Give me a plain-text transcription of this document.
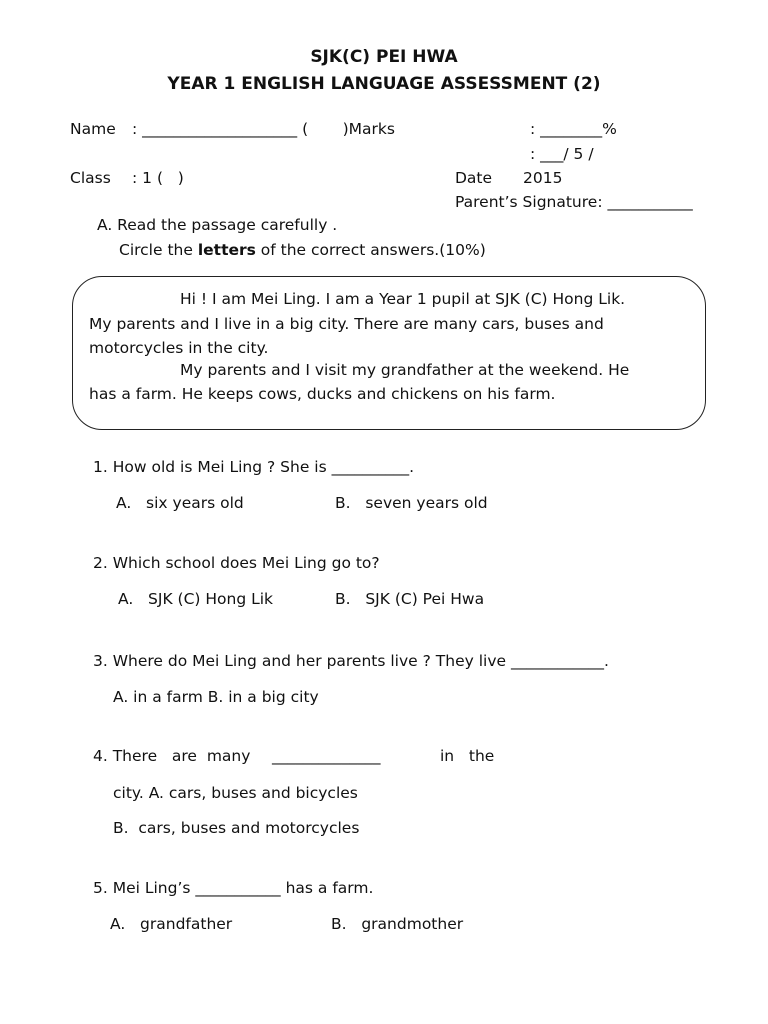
SJK(C) PEI HWA
YEAR 1 ENGLISH LANGUAGE ASSESSMENT (2)
Name : ____________________ (       )Marks	: ________%
: ___/ 5 /
Class : 1 (   )	Date 2015
Parent’s Signature: ___________
A. Read the passage carefully .
Circle the letters of the correct answers.(10%)
Hi ! I am Mei Ling. I am a Year 1 pupil at SJK (C) Hong Lik.
My parents and I live in a big city. There are many cars, buses and
motorcycles in the city.
My parents and I visit my grandfather at the weekend. He
has a farm. He keeps cows, ducks and chickens on his farm.
1. How old is Mei Ling ? She is __________.
A.   six years old	B.   seven years old
2. Which school does Mei Ling go to?
A.   SJK (C) Hong Lik	B.   SJK (C) Pei Hwa
3. Where do Mei Ling and her parents live ? They live ____________.
A. in a farm B. in a big city
4. There   are  many ______________	in   the
city. A. cars, buses and bicycles
B.  cars, buses and motorcycles
5. Mei Ling’s ___________ has a farm.
A.   grandfather	B.   grandmother
